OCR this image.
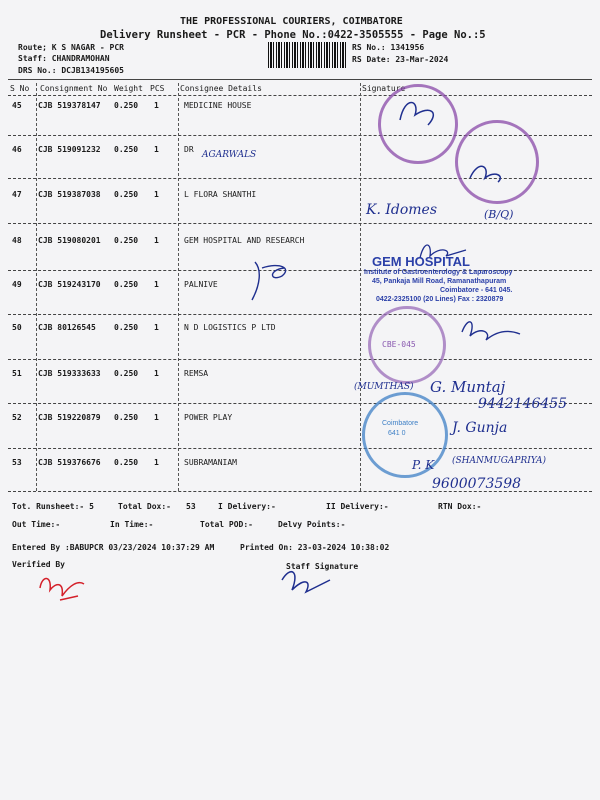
THE PROFESSIONAL COURIERS, COIMBATORE
Delivery Runsheet - PCR - Phone No.:0422-3505555 - Page No.:5
Route; K S NAGAR - PCR
Staff: CHANDRAMOHAN
DRS No.: DCJB134195605
RS No.: 1341956
RS Date: 23-Mar-2024
S No Consignment No Weight PCS Consignee Details	Signature
45 CJB 519378147 0.250 1	MEDICINE HOUSE
46 CJB 519091232 0.250 1	DR
47 CJB 519387038 0.250 1	L FLORA SHANTHI
48 CJB 519080201 0.250 1	GEM HOSPITAL AND RESEARCH
49 CJB 519243170 0.250 1	PALNIVE
50 CJB 80126545 0.250 1	N D LOGISTICS P LTD
51 CJB 519333633 0.250 1	REMSA
52 CJB 519220879 0.250 1	POWER PLAY
53 CJB 519376676 0.250 1	SUBRAMANIAM
CBE-045
Coimbatore
641 0
GEM HOSPITAL
Institute of Gastroenterology & Laparoscopy
45, Pankaja Mill Road, Ramanathapuram
Coimbatore - 641 045.
0422-2325100 (20 Lines) Fax : 2320879
AGARWALS
K. Idomes	(B/Q)
(MUMTHAS) G. Muntaj
9442146455
J. Gunja
P. K (SHANMUGAPRIYA)
9600073598
Tot. Runsheet:- 5	Total Dox:- 53	I Delivery:-	II Delivery:-	RTN Dox:-
Out Time:-	In Time:-	Total POD:-	Delvy Points:-
Entered By :BABUPCR 03/23/2024 10:37:29 AM	Printed On: 23-03-2024 10:38:02
Verified By	Staff Signature
